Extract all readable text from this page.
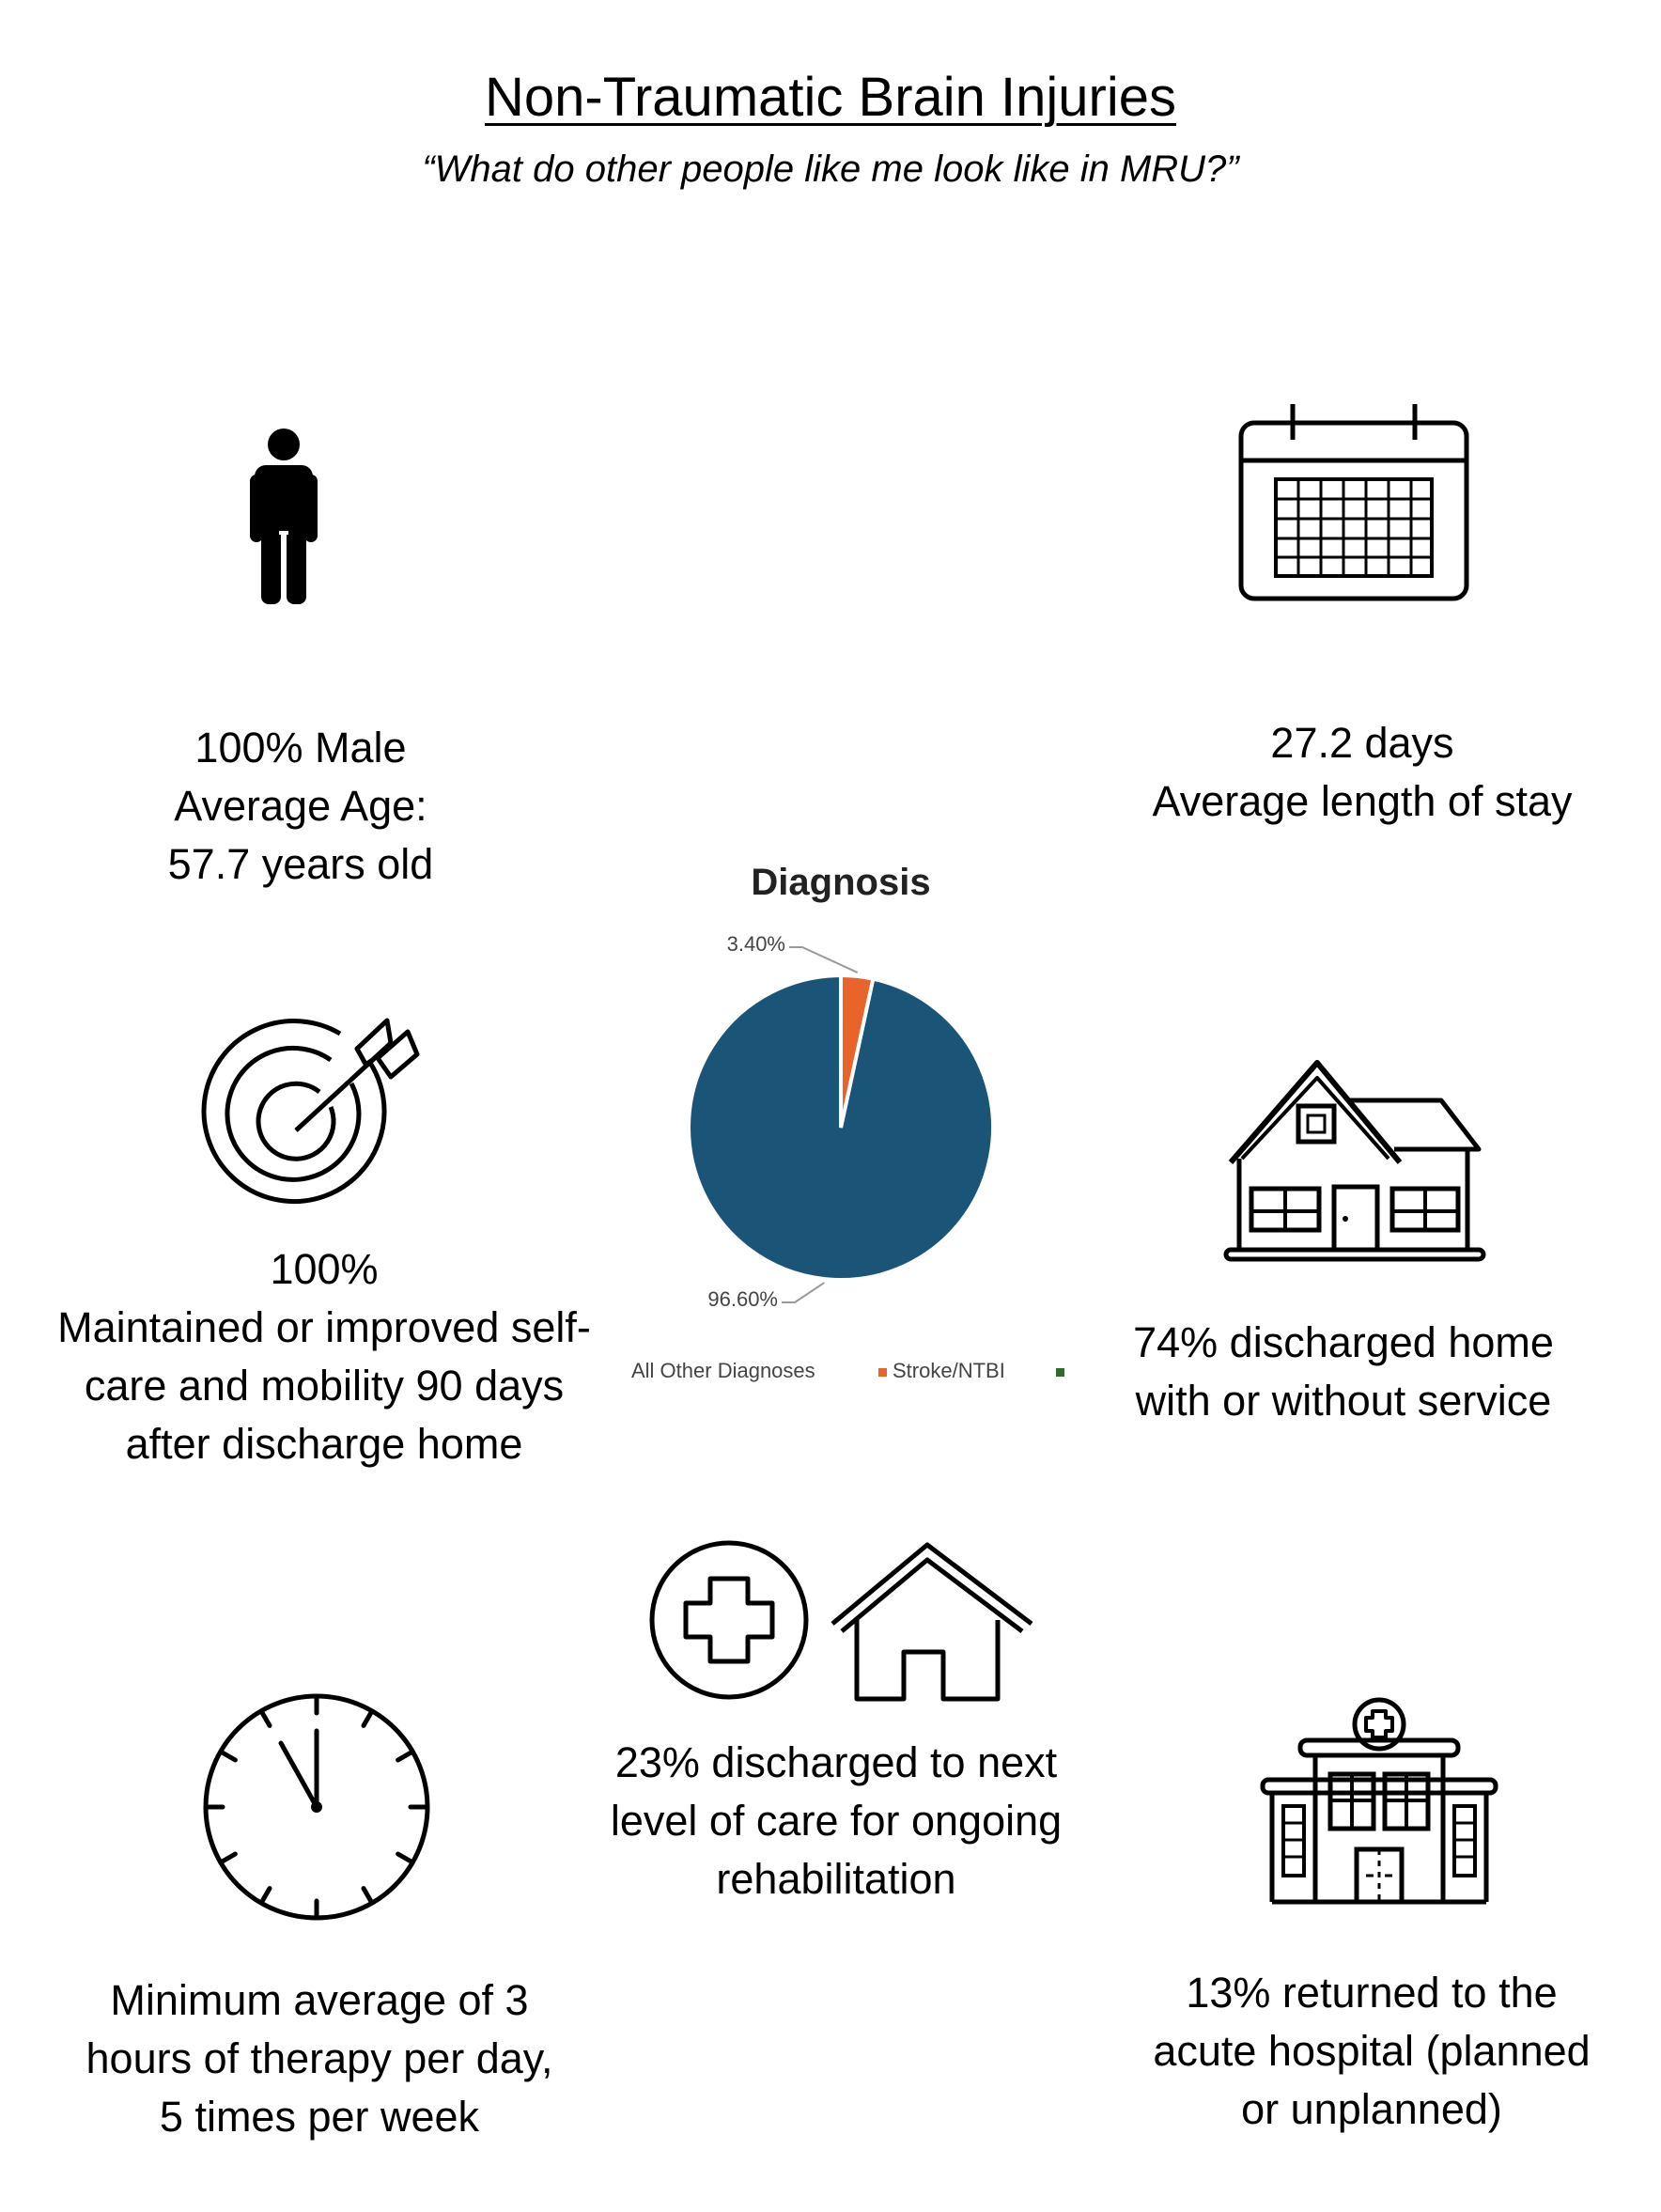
Non-Traumatic Brain Injuries
“What do other people like me look like in MRU?”
100% Male
Average Age:
57.7 years old
27.2 days
Average length of stay
100%
Maintained or improved self-
care and mobility 90 days
after discharge home
Diagnosis
96.60%
3.40%
All Other Diagnoses	Stroke/NTBI
74% discharged home
with or without service
23% discharged to next
level of care for ongoing
rehabilitation
Minimum average of 3
hours of therapy per day,
5 times per week
13% returned to the
acute hospital (planned
or unplanned)
